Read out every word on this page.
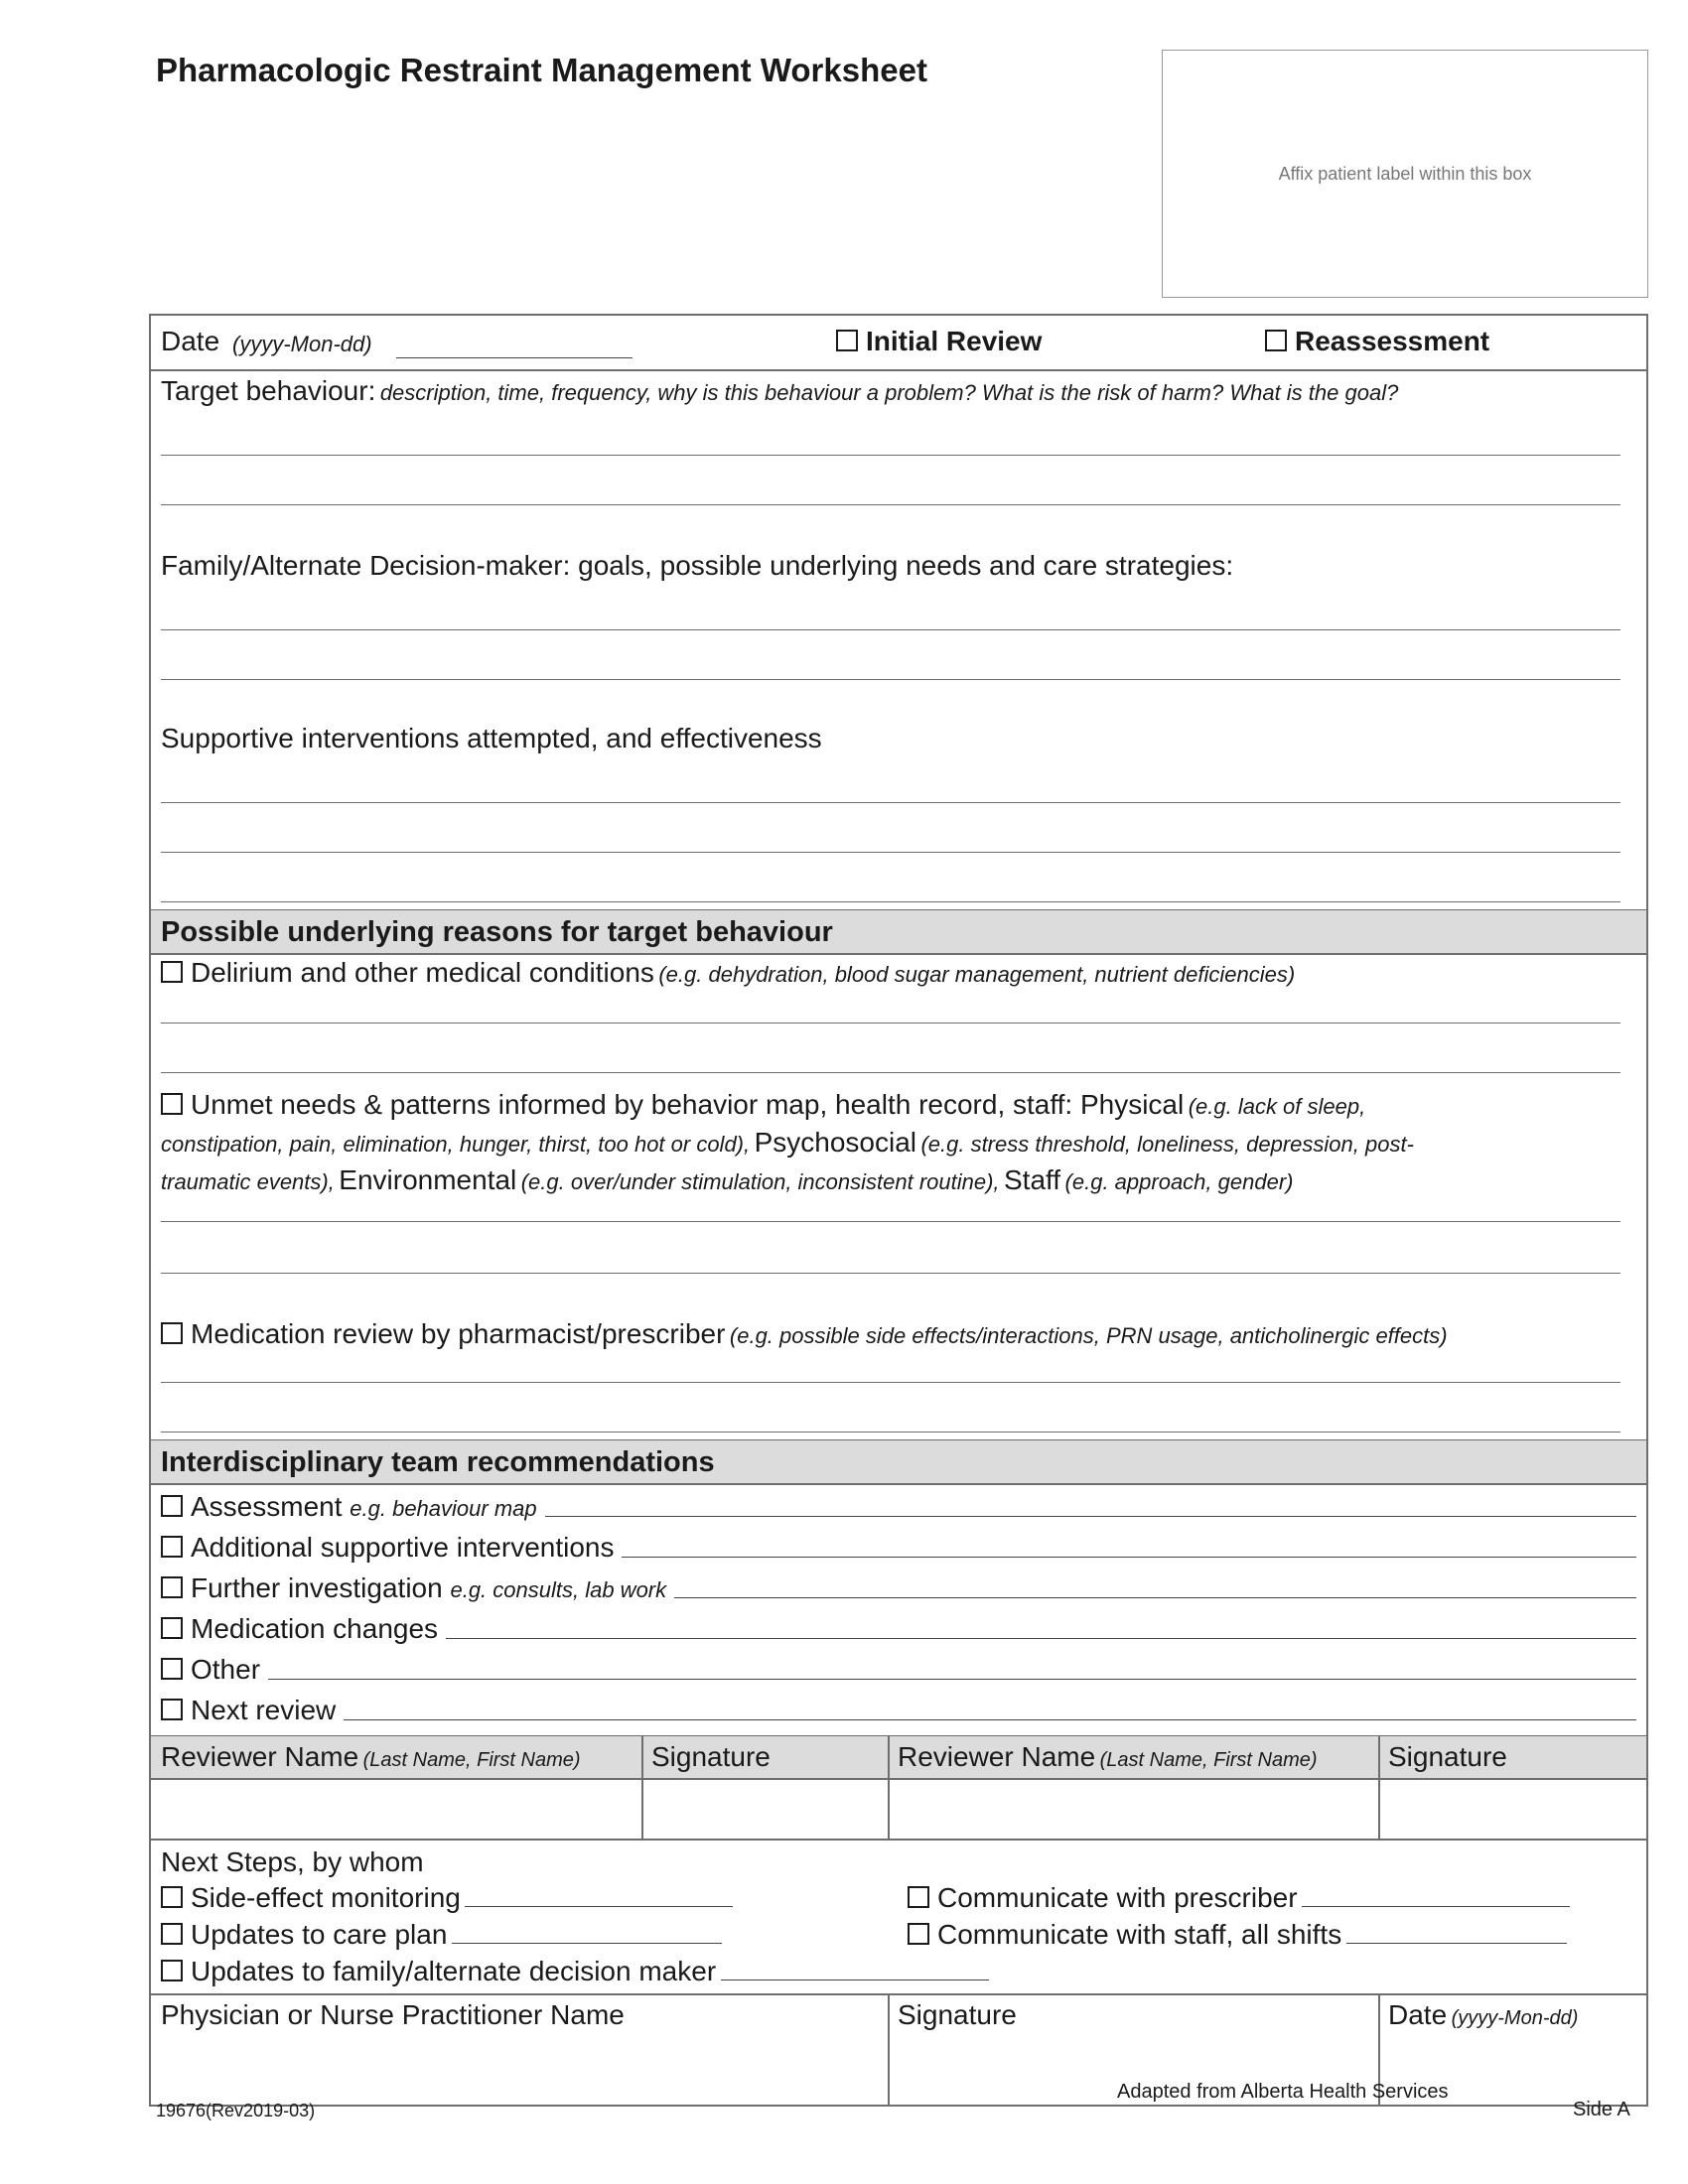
Pharmacologic Restraint Management Worksheet
Affix patient label within this box
Date (yyyy-Mon-dd)	Initial Review	Reassessment
Target behaviour: description, time, frequency, why is this behaviour a problem? What is the risk of harm? What is the goal?
Family/Alternate Decision-maker: goals, possible underlying needs and care strategies:
Supportive interventions attempted, and effectiveness
Possible underlying reasons for target behaviour
Delirium and other medical conditions (e.g. dehydration, blood sugar management, nutrient deficiencies)
Unmet needs & patterns informed by behavior map, health record, staff: Physical (e.g. lack of sleep,
constipation, pain, elimination, hunger, thirst, too hot or cold), Psychosocial (e.g. stress threshold, loneliness, depression, post-
traumatic events), Environmental (e.g. over/under stimulation, inconsistent routine), Staff (e.g. approach, gender)
Medication review by pharmacist/prescriber (e.g. possible side effects/interactions, PRN usage, anticholinergic effects)
Interdisciplinary team recommendations
Assessment e.g. behaviour map
Additional supportive interventions
Further investigation e.g. consults, lab work
Medication changes
Other
Next review
Reviewer Name (Last Name, First Name)	Signature	Reviewer Name (Last Name, First Name)	Signature
Next Steps, by whom
Side-effect monitoring
Updates to care plan
Updates to family/alternate decision maker
Communicate with prescriber
Communicate with staff, all shifts
Physician or Nurse Practitioner Name	Signature	Date (yyyy-Mon-dd)
19676(Rev2019-03)
Adapted from Alberta Health Services
Side A
